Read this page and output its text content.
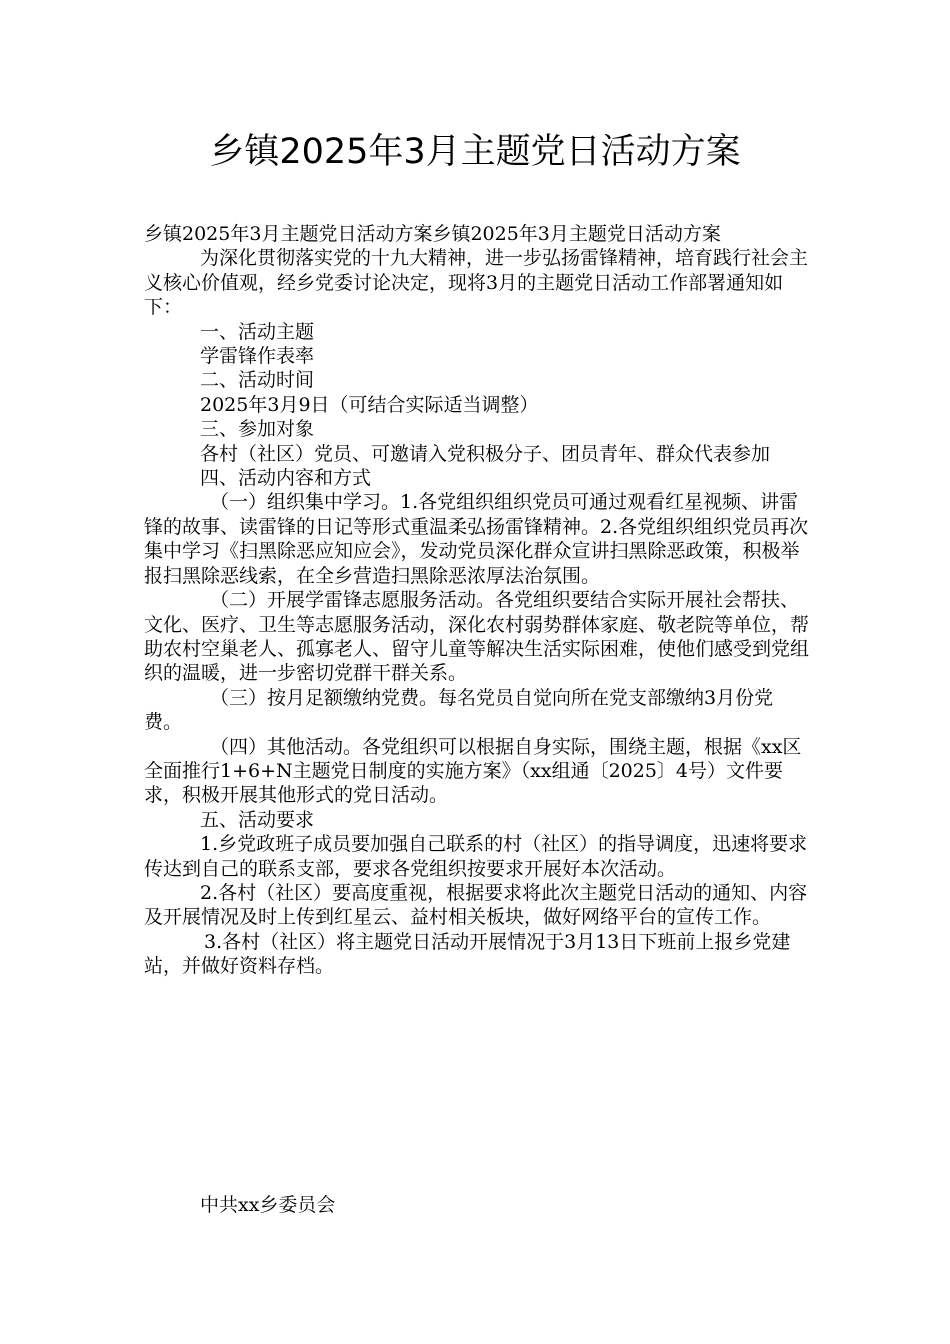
乡镇2025年3月主题党日活动方案

乡镇2025年3月主题党日活动方案乡镇2025年3月主题党日活动方案

为深化贯彻落实党的十九大精神，进一步弘扬雷锋精神，培育践行社会主义核心价值观，经乡党委讨论决定，现将3月的主题党日活动工作部署通知如下：

一、活动主题

学雷锋作表率

二、活动时间

2025年3月9日（可结合实际适当调整）

三、参加对象

各村（社区）党员、可邀请入党积极分子、团员青年、群众代表参加

四、活动内容和方式

（一）组织集中学习。1.各党组织组织党员可通过观看红星视频、讲雷锋的故事、读雷锋的日记等形式重温柔弘扬雷锋精神。2.各党组织组织党员再次集中学习《扫黑除恶应知应会》，发动党员深化群众宣讲扫黑除恶政策，积极举报扫黑除恶线索，在全乡营造扫黑除恶浓厚法治氛围。

（二）开展学雷锋志愿服务活动。各党组织要结合实际开展社会帮扶、文化、医疗、卫生等志愿服务活动，深化农村弱势群体家庭、敬老院等单位，帮助农村空巢老人、孤寡老人、留守儿童等解决生活实际困难，使他们感受到党组织的温暖，进一步密切党群干群关系。

（三）按月足额缴纳党费。每名党员自觉向所在党支部缴纳3月份党费。

（四）其他活动。各党组织可以根据自身实际，围绕主题，根据《xx区全面推行1+6+N主题党日制度的实施方案》（xx组通〔2025〕4号）文件要求，积极开展其他形式的党日活动。

五、活动要求

1.乡党政班子成员要加强自己联系的村（社区）的指导调度，迅速将要求传达到自己的联系支部，要求各党组织按要求开展好本次活动。

2.各村（社区）要高度重视，根据要求将此次主题党日活动的通知、内容及开展情况及时上传到红星云、益村相关板块，做好网络平台的宣传工作。

3.各村（社区）将主题党日活动开展情况于3月13日下班前上报乡党建站，并做好资料存档。

中共xx乡委员会
